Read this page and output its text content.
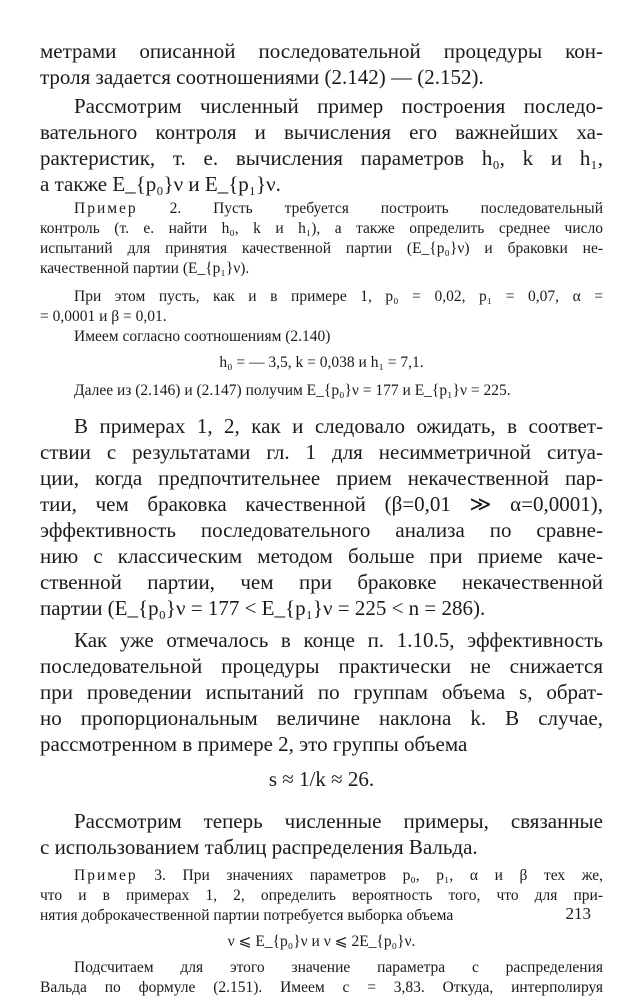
метрами описанной последовательной процедуры кон-

троля задается соотношениями (2.142) — (2.152).

Рассмотрим численный пример построения последо-

вательного контроля и вычисления его важнейших ха-

рактеристик, т. е. вычисления параметров h₀, k и h₁,

а также E_{p₀}ν и E_{p₁}ν.

Пример 2. Пусть требуется построить последовательный

контроль (т. е. найти h₀, k и h₁), а также определить среднее число

испытаний для принятия качественной партии (E_{p₀}ν) и браковки не-

качественной партии (E_{p₁}ν).

При этом пусть, как и в примере 1, p₀ = 0,02, p₁ = 0,07, α =

= 0,0001 и β = 0,01.

Имеем согласно соотношениям (2.140)

h₀ = — 3,5, k = 0,038 и h₁ = 7,1.

Далее из (2.146) и (2.147) получим E_{p₀}ν = 177 и E_{p₁}ν = 225.

В примерах 1, 2, как и следовало ожидать, в соответ-

ствии с результатами гл. 1 для несимметричной ситуа-

ции, когда предпочтительнее прием некачественной пар-

тии, чем браковка качественной (β=0,01 ≫ α=0,0001),

эффективность последовательного анализа по сравне-

нию с классическим методом больше при приеме каче-

ственной партии, чем при браковке некачественной

партии (E_{p₀}ν = 177 < E_{p₁}ν = 225 < n = 286).

Как уже отмечалось в конце п. 1.10.5, эффективность

последовательной процедуры практически не снижается

при проведении испытаний по группам объема s, обрат-

но пропорциональным величине наклона k. В случае,

рассмотренном в примере 2, это группы объема

s ≈ 1/k ≈ 26.

Рассмотрим теперь численные примеры, связанные

с использованием таблиц распределения Вальда.

Пример 3. При значениях параметров p₀, p₁, α и β тех же,

что и в примерах 1, 2, определить вероятность того, что для при-

нятия доброкачественной партии потребуется выборка объема

ν ⩽ E_{p₀}ν и ν ⩽ 2E_{p₀}ν.

Подсчитаем для этого значение параметра c распределения

Вальда по формуле (2.151). Имеем c = 3,83. Откуда, интерполируя

213
